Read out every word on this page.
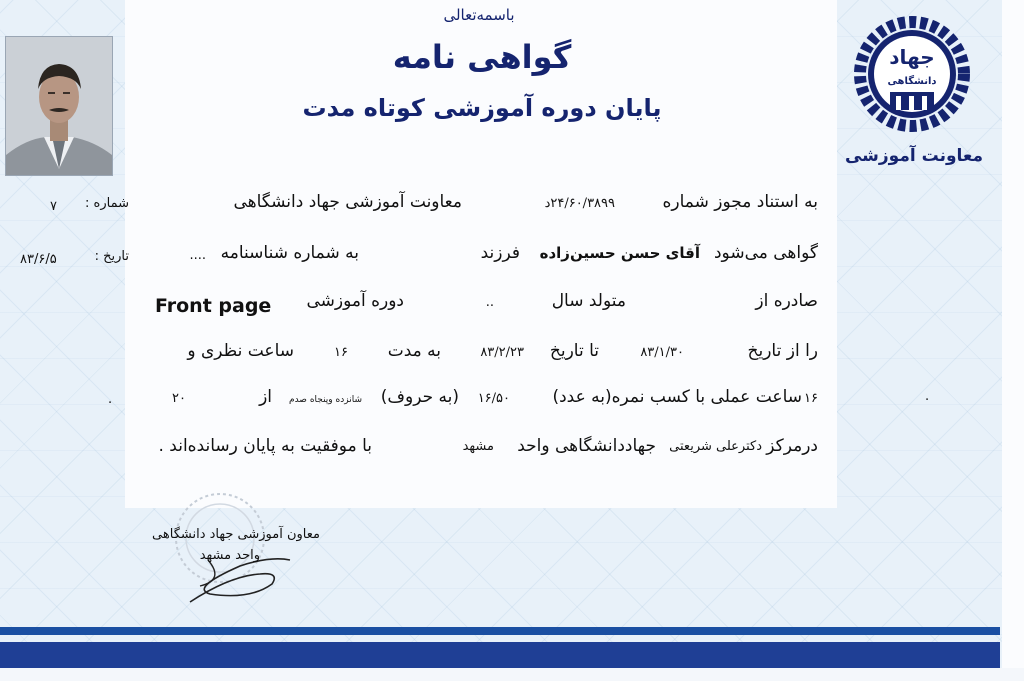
جهاد
دانشگاهی
معاونت آموزشی
باسمه‌تعالی
گواهی نامه
پایان دوره آموزشی کوتاه مدت
شماره :
۷
تاریخ :
۸۳/۶/۵
به استناد مجوز شماره
۲۴/۶۰/۳۸۹۹د
معاونت آموزشی جهاد دانشگاهی
گواهی می‌شود
آقای حسن حسین‌زاده
فرزند
به شماره شناسنامه
....
.
صادره از
متولد سال
..
دوره آموزشی
Front page
را از تاریخ
۸۳/۱/۳۰
تا تاریخ
۸۳/۲/۲۳
به مدت
۱۶
ساعت نظری و
۱۶
ساعت عملی با کسب نمره(به عدد)
۱۶/۵۰
(به حروف)
شانزده وپنجاه صدم
از
۲۰	.
درمرکز
دکترعلی شریعتی
جهاددانشگاهی واحد
مشهد
با موفقیت به پایان رسانده‌اند .
معاون آموزشی جهاد دانشگاهی
واحد مشهد
